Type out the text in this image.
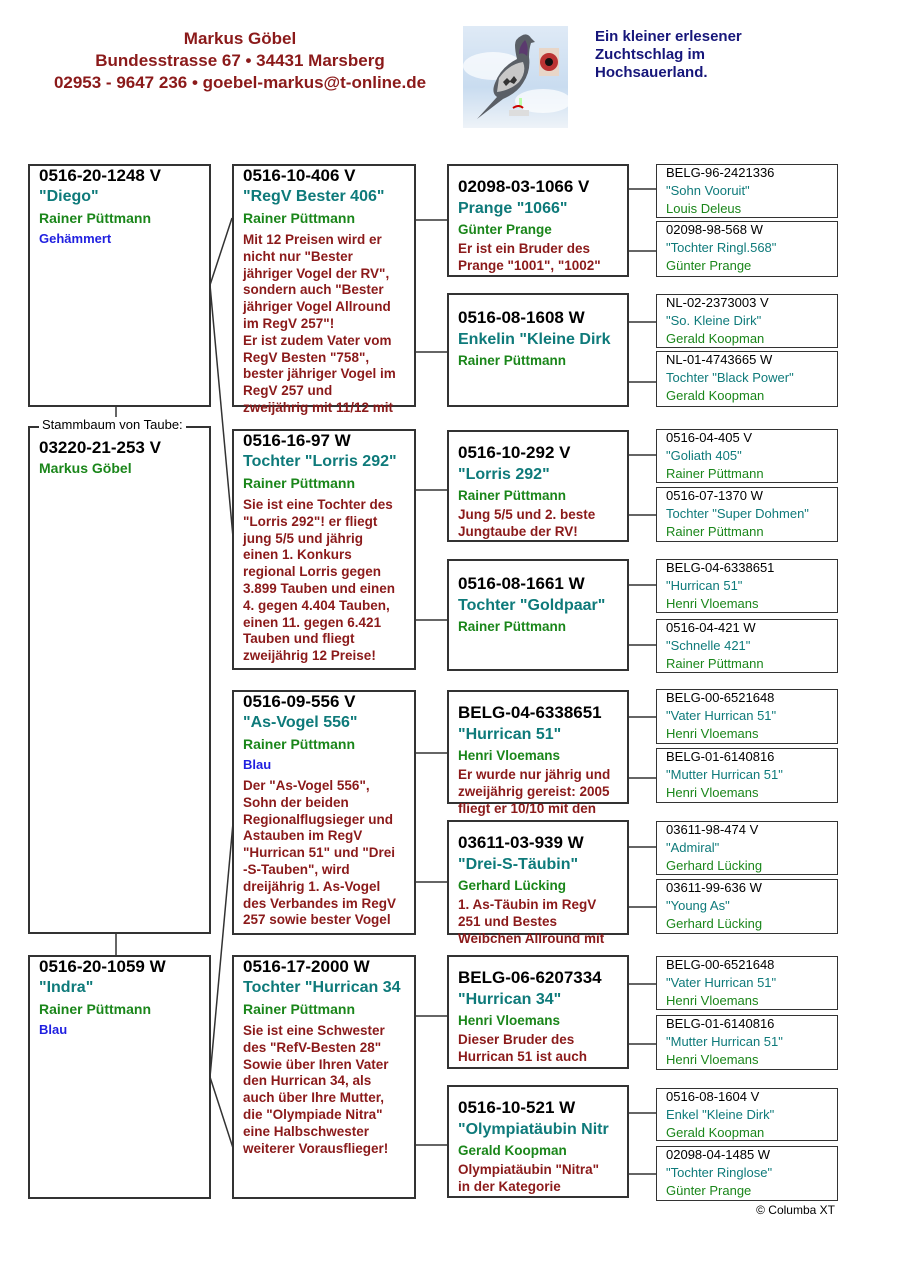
Markus Göbel
Bundesstrasse 67 • 34431 Marsberg
02953 - 9647 236 • goebel-markus@t-online.de
Ein kleiner erlesener
Zuchtschlag im
Hochsauerland.
0516-20-1248 V
"Diego"
Rainer Püttmann
Gehämmert
03220-21-253 V
Markus Göbel
Stammbaum von Taube:
0516-20-1059 W
"Indra"
Rainer Püttmann
Blau
0516-10-406 V
"RegV Bester 406"
Rainer Püttmann
Mit 12 Preisen wird er
nicht nur "Bester
jähriger Vogel der RV",
sondern auch "Bester
jähriger Vogel Allround
im RegV 257"!
Er ist zudem Vater vom
RegV Besten "758",
bester jähriger Vogel im
RegV 257 und
zweijährig mit 11/12 mit
0516-16-97 W
Tochter "Lorris 292"
Rainer Püttmann
Sie ist eine Tochter des
"Lorris 292"! er fliegt
jung 5/5 und jährig
einen 1. Konkurs
regional Lorris gegen
3.899 Tauben und einen
4. gegen 4.404 Tauben,
einen 11. gegen 6.421
Tauben und fliegt
zweijährig 12 Preise!
0516-09-556 V
"As-Vogel 556"
Rainer Püttmann
Blau
Der "As-Vogel 556",
Sohn der beiden
Regionalflugsieger und
Astauben im RegV
"Hurrican 51" und "Drei
-S-Tauben", wird
dreijährig 1. As-Vogel
des Verbandes im RegV
257 sowie bester Vogel
0516-17-2000 W
Tochter "Hurrican 34
Rainer Püttmann
Sie ist eine Schwester
des "RefV-Besten 28"
Sowie über Ihren Vater
den Hurrican 34, als
auch über Ihre Mutter,
die "Olympiade Nitra"
eine Halbschwester
weiterer Vorausflieger!
02098-03-1066 V
Prange "1066"
Günter Prange
Er ist ein Bruder des
Prange "1001", "1002"
0516-08-1608 W
Enkelin "Kleine Dirk
Rainer Püttmann
0516-10-292 V
"Lorris 292"
Rainer Püttmann
Jung 5/5 und 2. beste
Jungtaube der RV!
0516-08-1661 W
Tochter "Goldpaar"
Rainer Püttmann
BELG-04-6338651
"Hurrican 51"
Henri Vloemans
Er wurde nur jährig und
zweijährig gereist: 2005
fliegt er 10/10 mit den
03611-03-939 W
"Drei-S-Täubin"
Gerhard Lücking
1. As-Täubin im RegV
251 und Bestes
Weibchen Allround mit
BELG-06-6207334
"Hurrican 34"
Henri Vloemans
Dieser Bruder des
Hurrican 51 ist auch
0516-10-521 W
"Olympiatäubin Nitr
Gerald Koopman
Olympiatäubin "Nitra"
in der Kategorie
BELG-96-2421336
"Sohn Vooruit"
Louis Deleus
02098-98-568 W
"Tochter Ringl.568"
Günter Prange
NL-02-2373003 V
"So. Kleine Dirk"
Gerald Koopman
NL-01-4743665 W
Tochter "Black Power"
Gerald Koopman
0516-04-405 V
"Goliath 405"
Rainer Püttmann
0516-07-1370 W
Tochter "Super Dohmen"
Rainer Püttmann
BELG-04-6338651
"Hurrican 51"
Henri Vloemans
0516-04-421 W
"Schnelle 421"
Rainer Püttmann
BELG-00-6521648
"Vater Hurrican 51"
Henri Vloemans
BELG-01-6140816
"Mutter Hurrican 51"
Henri Vloemans
03611-98-474 V
"Admiral"
Gerhard Lücking
03611-99-636 W
"Young As"
Gerhard Lücking
BELG-00-6521648
"Vater Hurrican 51"
Henri Vloemans
BELG-01-6140816
"Mutter Hurrican 51"
Henri Vloemans
0516-08-1604 V
Enkel "Kleine Dirk"
Gerald Koopman
02098-04-1485 W
"Tochter Ringlose"
Günter Prange
© Columba XT
